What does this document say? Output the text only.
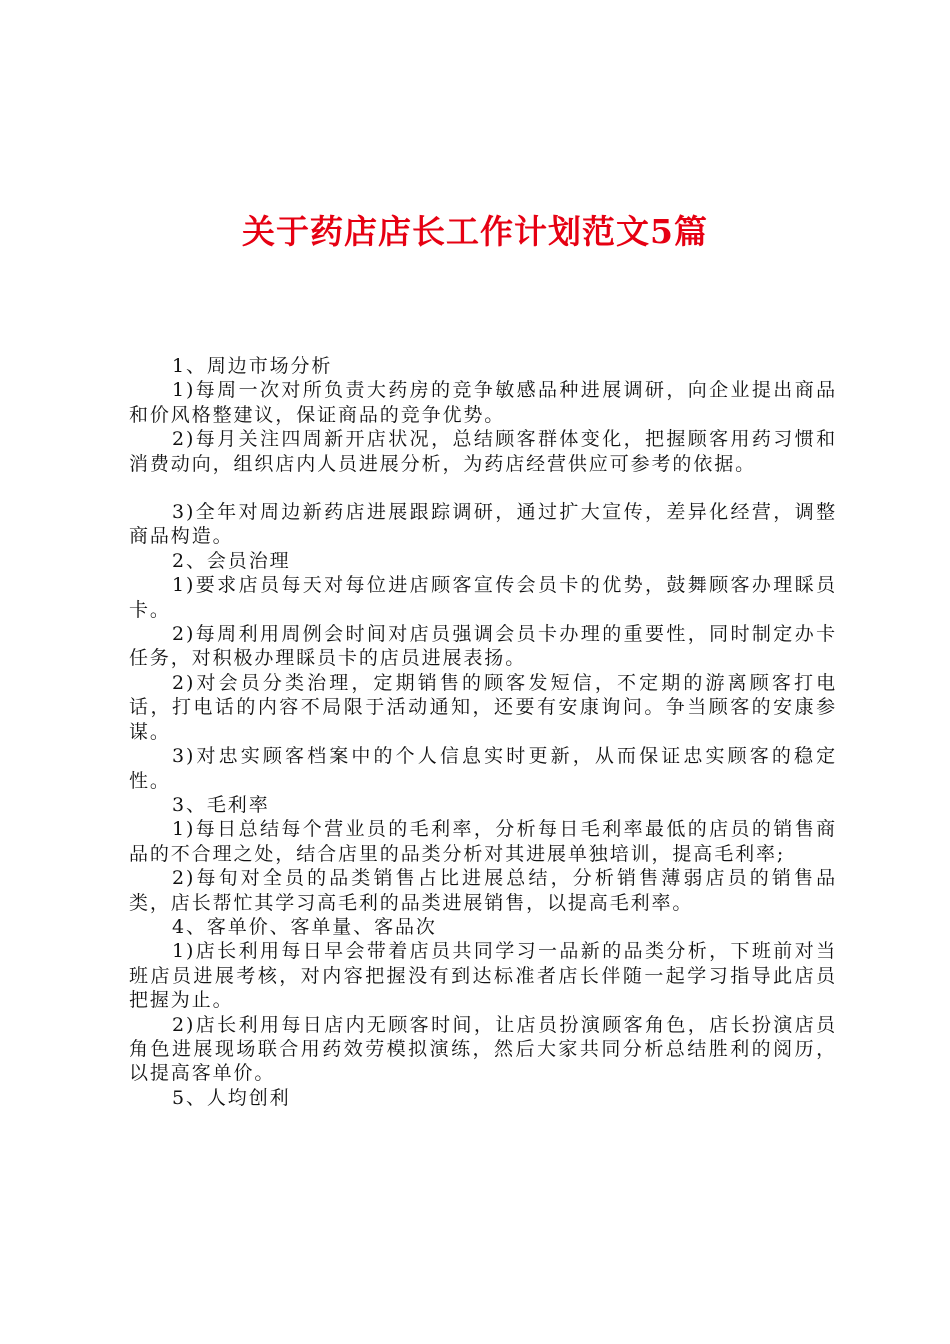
关于药店店长工作计划范文5篇

1、周边市场分析

1)每周一次对所负责大药房的竞争敏感品种进展调研，向企业提出商品和价风格整建议，保证商品的竞争优势。

2)每月关注四周新开店状况，总结顾客群体变化，把握顾客用药习惯和消费动向，组织店内人员进展分析，为药店经营供应可参考的依据。

3)全年对周边新药店进展跟踪调研，通过扩大宣传，差异化经营，调整商品构造。

2、会员治理

1)要求店员每天对每位进店顾客宣传会员卡的优势，鼓舞顾客办理睬员卡。

2)每周利用周例会时间对店员强调会员卡办理的重要性，同时制定办卡任务，对积极办理睬员卡的店员进展表扬。

2)对会员分类治理，定期销售的顾客发短信，不定期的游离顾客打电话，打电话的内容不局限于活动通知，还要有安康询问。争当顾客的安康参谋。

3)对忠实顾客档案中的个人信息实时更新，从而保证忠实顾客的稳定性。

3、毛利率

1)每日总结每个营业员的毛利率，分析每日毛利率最低的店员的销售商品的不合理之处，结合店里的品类分析对其进展单独培训，提高毛利率;

2)每旬对全员的品类销售占比进展总结，分析销售薄弱店员的销售品类，店长帮忙其学习高毛利的品类进展销售，以提高毛利率。

4、客单价、客单量、客品次

1)店长利用每日早会带着店员共同学习一品新的品类分析，下班前对当班店员进展考核，对内容把握没有到达标准者店长伴随一起学习指导此店员把握为止。

2)店长利用每日店内无顾客时间，让店员扮演顾客角色，店长扮演店员角色进展现场联合用药效劳模拟演练，然后大家共同分析总结胜利的阅历，以提高客单价。

5、人均创利
